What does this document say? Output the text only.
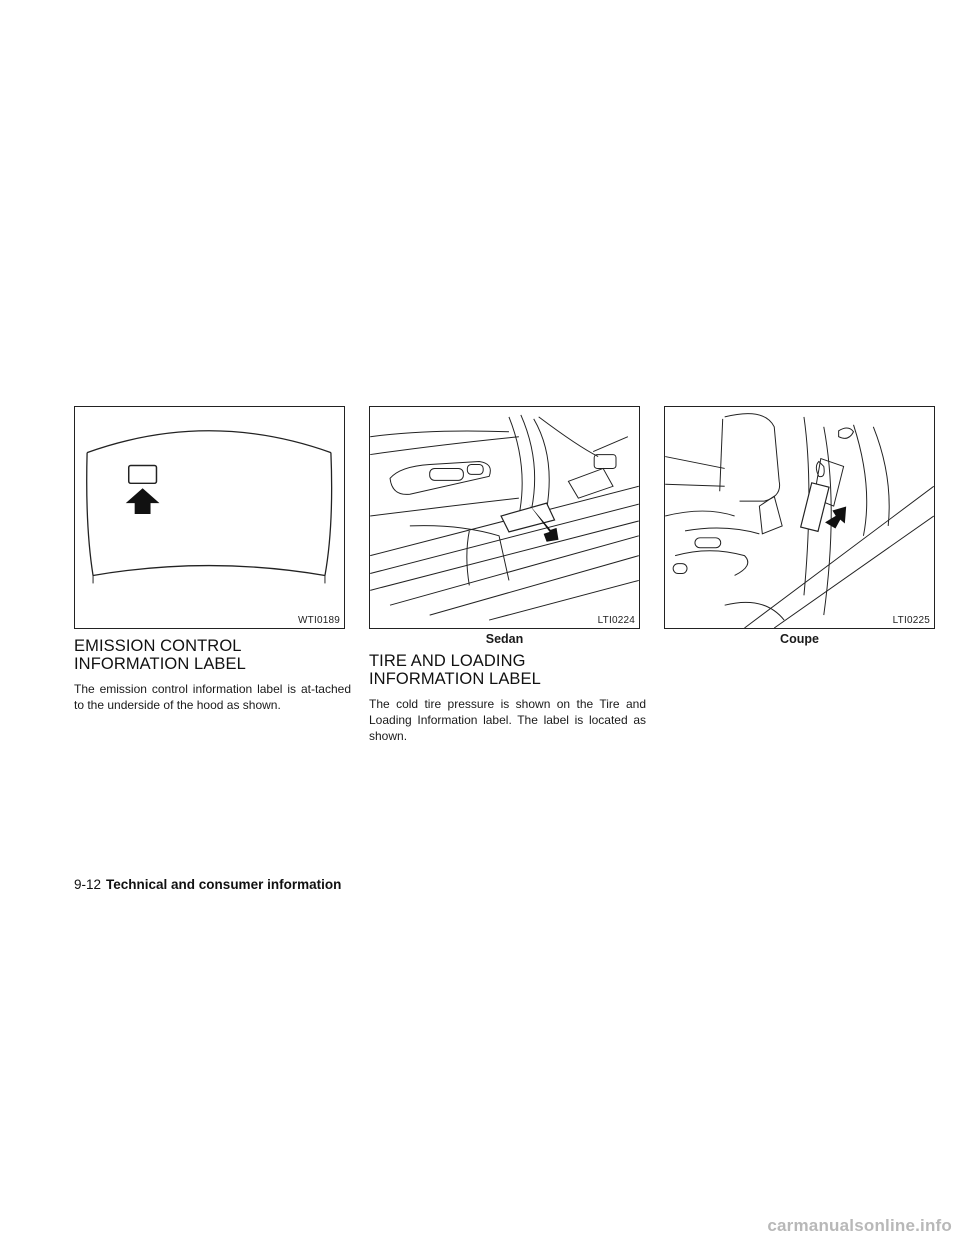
WTI0189	LTI0224
Sedan
LTI0225
Coupe
EMISSION CONTROL INFORMATION LABEL

The emission control information label is at-tached to the underside of the hood as shown.

TIRE AND LOADING INFORMATION LABEL

The cold tire pressure is shown on the Tire and Loading Information label. The label is located as shown.

9-12 Technical and consumer information
carmanualsonline.info
